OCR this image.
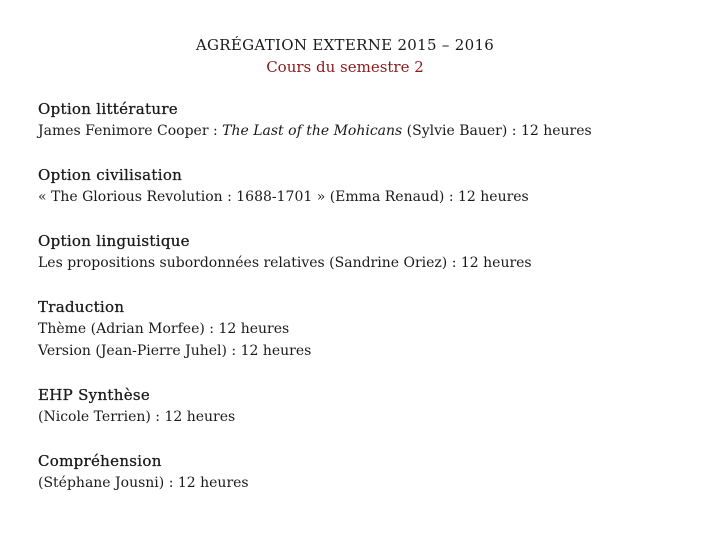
AGRÉGATION EXTERNE 2015 – 2016
Cours du semestre 2
Option littérature
James Fenimore Cooper : The Last of the Mohicans (Sylvie Bauer) : 12 heures
Option civilisation
« The Glorious Revolution : 1688-1701 » (Emma Renaud) : 12 heures
Option linguistique
Les propositions subordonnées relatives (Sandrine Oriez) : 12 heures
Traduction
Thème (Adrian Morfee) : 12 heures
Version (Jean-Pierre Juhel) : 12 heures
EHP Synthèse
(Nicole Terrien) : 12 heures
Compréhension
(Stéphane Jousni) : 12 heures
